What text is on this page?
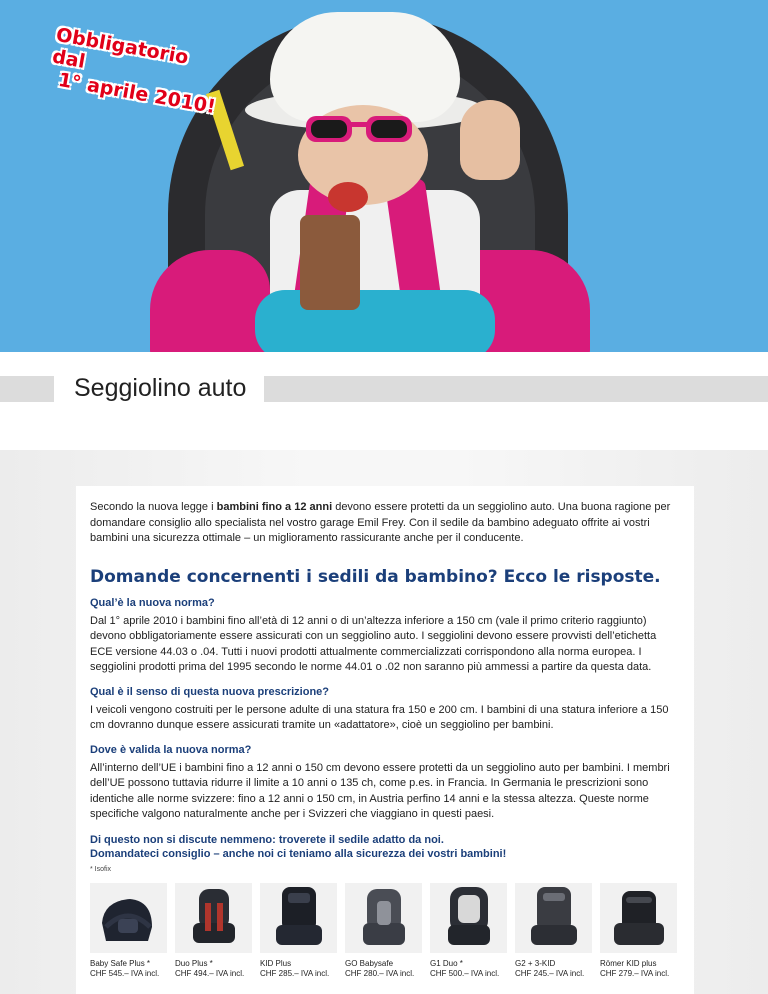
Obbligatorio dal

1° aprile 2010!
Seggiolino auto

Secondo la nuova legge i bambini fino a 12 anni devono essere protetti da un seggiolino auto. Una buona ragione per domandare consiglio allo specialista nel vostro garage Emil Frey. Con il sedile da bambino adeguato offrite ai vostri bambini una sicurezza ottimale – un miglioramento rassicurante anche per il conducente.

Domande concernenti i sedili da bambino? Ecco le risposte.

Qual’è la nuova norma?

Dal 1° aprile 2010 i bambini fino all’età di 12 anni o di un’altezza inferiore a 150 cm (vale il primo criterio raggiunto) devono obbligatoriamente essere assicurati con un seggiolino auto. I seggiolini devono essere provvisti dell’etichetta ECE versione 44.03 o .04. Tutti i nuovi prodotti attualmente commercializzati corrispondono alla norma europea. I seggiolini prodotti prima del 1995 secondo le norme 44.01 o .02 non saranno più ammessi a partire da questa data.

Qual è il senso di questa nuova prescrizione?

I veicoli vengono costruiti per le persone adulte di una statura fra 150 e 200 cm. I bambini di una statura inferiore a 150 cm dovranno dunque essere assicurati tramite un «adattatore», cioè un seggiolino per bambini.

Dove è valida la nuova norma?

All’interno dell’UE i bambini fino a 12 anni o 150 cm devono essere protetti da un seggiolino auto per bambini. I membri dell’UE possono tuttavia ridurre il limite a 10 anni o 135 ch, come p.es. in Francia. In Germania le prescrizioni sono identiche alle norme svizzere: fino a 12 anni o 150 cm, in Austria perfino 14 anni e la stessa altezza. Queste norme specifiche valgono naturalmente anche per i Svizzeri che viaggiano in questi paesi.

Di questo non si discute nemmeno: troverete il sedile adatto da noi.
Domandateci consiglio – anche noi ci teniamo alla sicurezza dei vostri bambini!

* Isofix

Baby Safe Plus *
CHF 545.– IVA incl.
Duo Plus *
CHF 494.– IVA incl.
KID Plus
CHF 285.– IVA incl.
GO Babysafe
CHF 280.– IVA incl.
G1 Duo *
CHF 500.– IVA incl.
G2 + 3-KID
CHF 245.– IVA incl.
Römer KID plus
CHF 279.– IVA incl.
